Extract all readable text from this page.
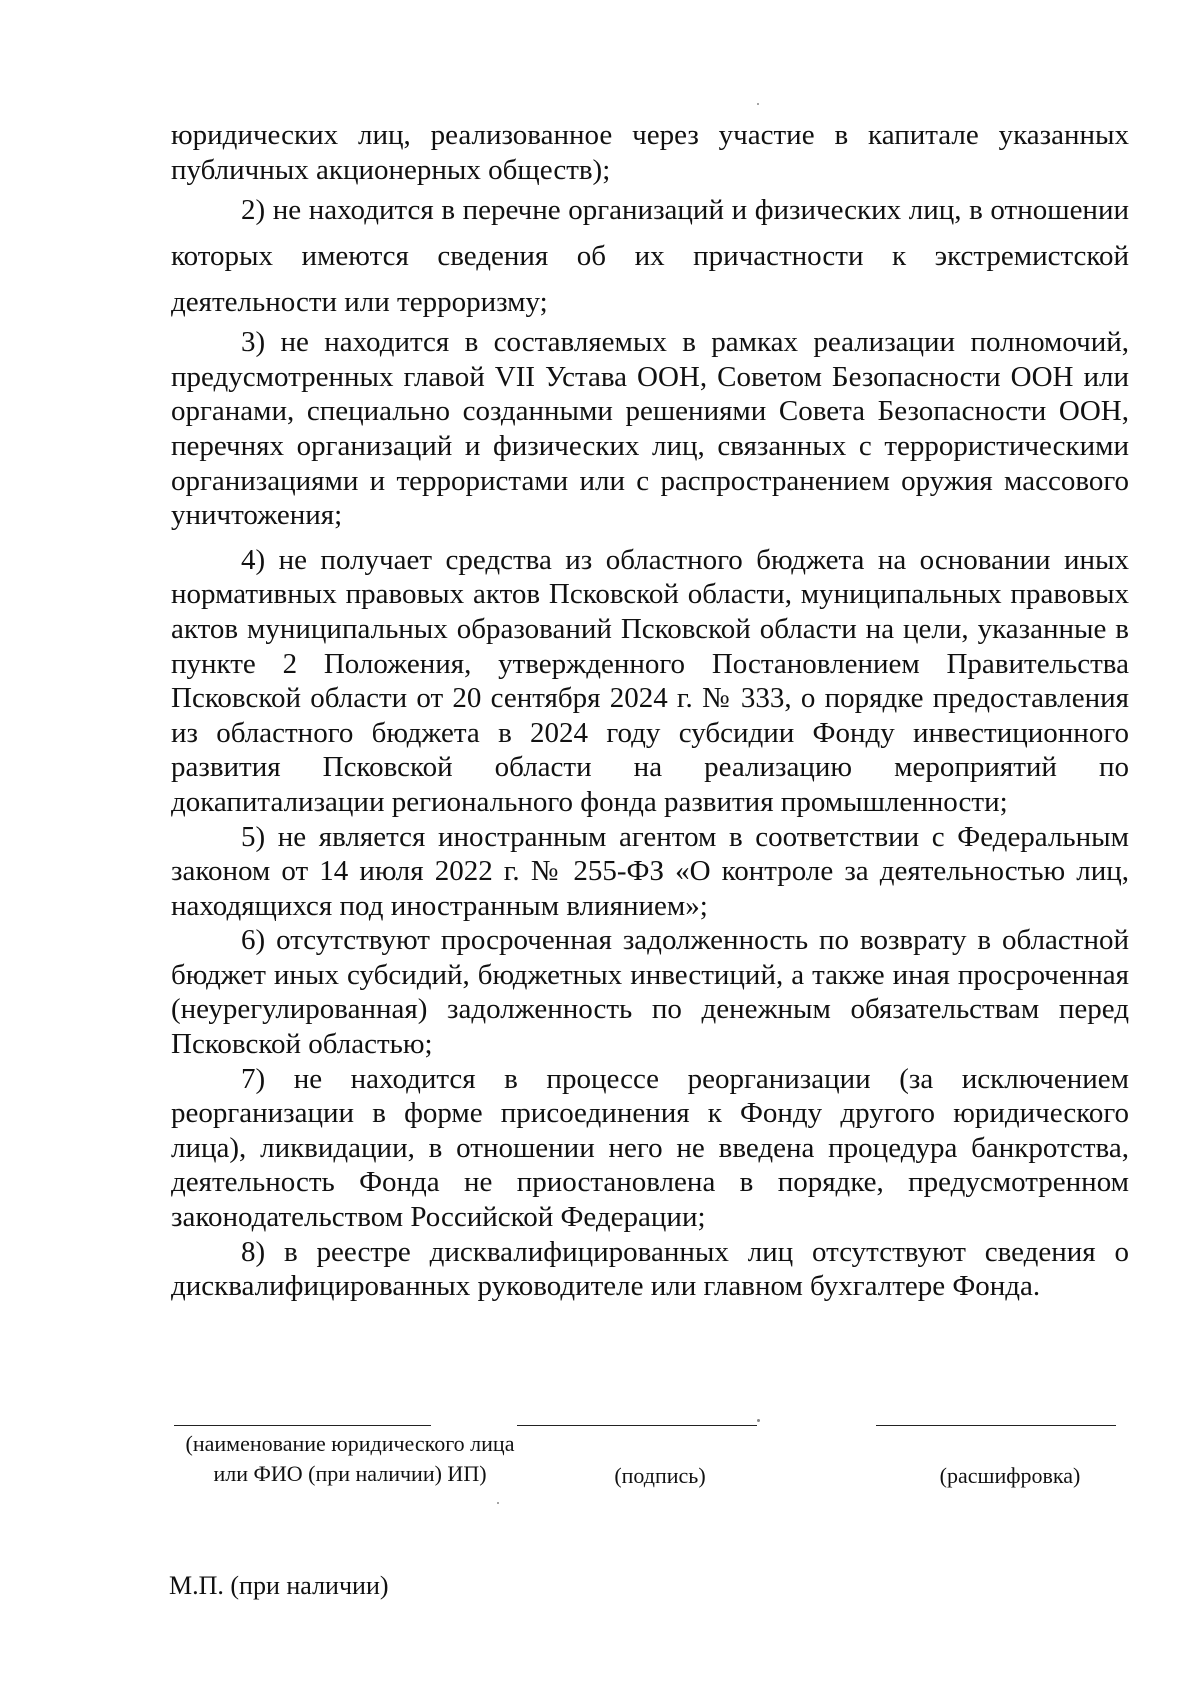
юридических лиц, реализованное через участие в капитале указанных публичных акционерных обществ);

2) не находится в перечне организаций и физических лиц, в отношении которых имеются сведения об их причастности к экстремистской деятельности или терроризму;

3) не находится в составляемых в рамках реализации полномочий, предусмотренных главой VII Устава ООН, Советом Безопасности ООН или органами, специально созданными решениями Совета Безопасности ООН, перечнях организаций и физических лиц, связанных с террористическими организациями и террористами или с распространением оружия массового уничтожения;

4) не получает средства из областного бюджета на основании иных нормативных правовых актов Псковской области, муниципальных правовых актов муниципальных образований Псковской области на цели, указанные в пункте 2 Положения, утвержденного Постановлением Правительства Псковской области от 20 сентября 2024 г. № 333, о порядке предоставления из областного бюджета в 2024 году субсидии Фонду инвестиционного развития Псковской области на реализацию мероприятий по докапитализации регионального фонда развития промышленности;

5) не является иностранным агентом в соответствии с Федеральным законом от 14 июля 2022 г. № 255-ФЗ «О контроле за деятельностью лиц, находящихся под иностранным влиянием»;

6) отсутствуют просроченная задолженность по возврату в областной бюджет иных субсидий, бюджетных инвестиций, а также иная просроченная (неурегулированная) задолженность по денежным обязательствам перед Псковской областью;

7) не находится в процессе реорганизации (за исключением реорганизации в форме присоединения к Фонду другого юридического лица), ликвидации, в отношении него не введена процедура банкротства, деятельность Фонда не приостановлена в порядке, предусмотренном законодательством Российской Федерации;

8) в реестре дисквалифицированных лиц отсутствуют сведения о дисквалифицированных руководителе или главном бухгалтере Фонда.

(наименование юридического лица
или ФИО (при наличии) ИП)	(подпись)	(расшифровка)
М.П. (при наличии)
